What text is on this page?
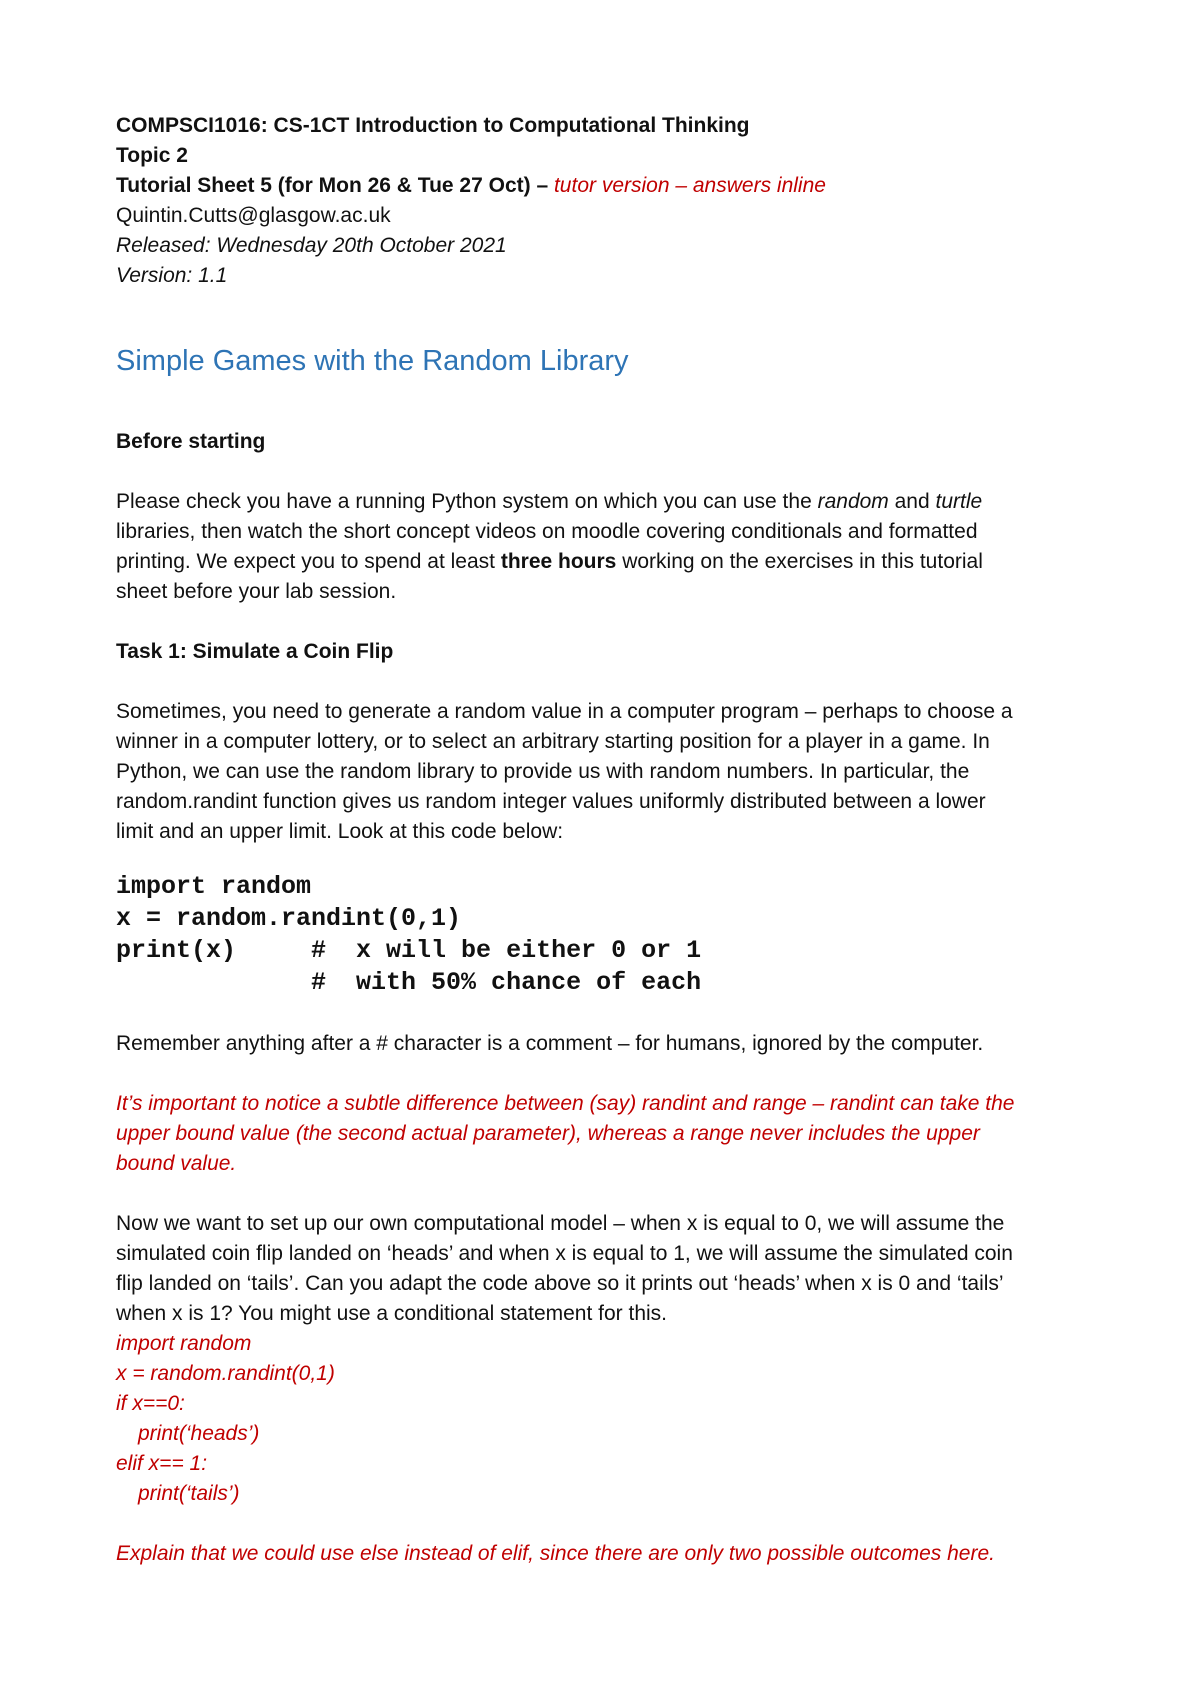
COMPSCI1016: CS-1CT Introduction to Computational Thinking
Topic 2
Tutorial Sheet 5 (for Mon 26 & Tue 27 Oct) – tutor version – answers inline
Quintin.Cutts@glasgow.ac.uk
Released: Wednesday 20th October 2021
Version: 1.1
Simple Games with the Random Library
Before starting
Please check you have a running Python system on which you can use the random and turtle
libraries, then watch the short concept videos on moodle covering conditionals and formatted
printing. We expect you to spend at least three hours working on the exercises in this tutorial
sheet before your lab session.
Task 1: Simulate a Coin Flip
Sometimes, you need to generate a random value in a computer program – perhaps to choose a
winner in a computer lottery, or to select an arbitrary starting position for a player in a game. In
Python, we can use the random library to provide us with random numbers. In particular, the
random.randint function gives us random integer values uniformly distributed between a lower
limit and an upper limit. Look at this code below:
import random
x = random.randint(0,1)
print(x)     #  x will be either 0 or 1
#  with 50% chance of each
Remember anything after a # character is a comment – for humans, ignored by the computer.
It’s important to notice a subtle difference between (say) randint and range – randint can take the
upper bound value (the second actual parameter), whereas a range never includes the upper
bound value.
Now we want to set up our own computational model – when x is equal to 0, we will assume the
simulated coin flip landed on ‘heads’ and when x is equal to 1, we will assume the simulated coin
flip landed on ‘tails’. Can you adapt the code above so it prints out ‘heads’ when x is 0 and ‘tails’
when x is 1? You might use a conditional statement for this.
import random
x = random.randint(0,1)
if x==0:
print(‘heads’)
elif x== 1:
print(‘tails’)
Explain that we could use else instead of elif, since there are only two possible outcomes here.
